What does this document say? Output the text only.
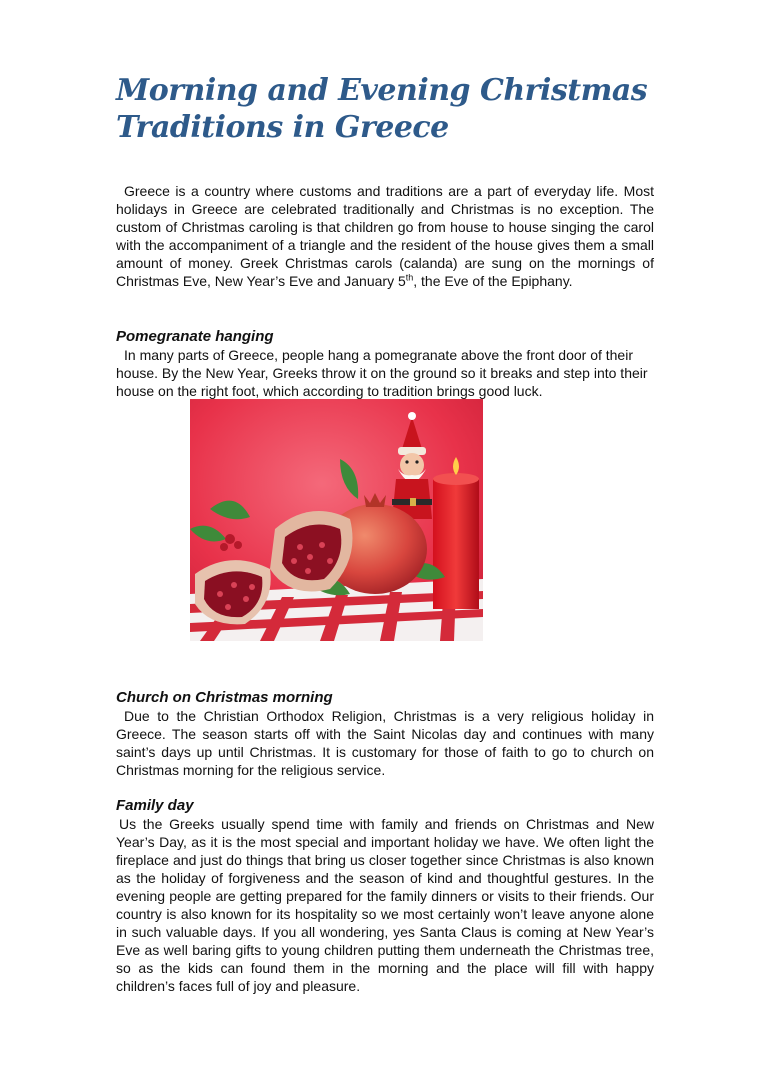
Morning and Evening Christmas
Traditions in Greece

Greece is a country where customs and traditions are a part of everyday life. Most holidays in Greece are celebrated traditionally and Christmas is no exception. The custom of Christmas caroling is that children go from house to house singing the carol with the accompaniment of a triangle and the resident of the house gives them a small amount of money. Greek Christmas carols (calanda) are sung on the mornings of Christmas Eve, New Year’s Eve and January 5th, the Eve of the Epiphany.

Pomegranate hanging

In many parts of Greece, people hang a pomegranate above the front door of their house. By the New Year, Greeks throw it on the ground so it breaks and step into their house on the right foot, which according to tradition brings good luck.

Church on Christmas morning

Due to the Christian Orthodox Religion, Christmas is a very religious holiday in Greece. The season starts off with the Saint Nicolas day and continues with many saint’s days up until Christmas. It is customary for those of faith to go to church on Christmas morning for the religious service.

Family day

Us the Greeks usually spend time with family and friends on Christmas and New Year’s Day, as it is the most special and important holiday we have. We often light the fireplace and just do things that bring us closer together since Christmas is also known as the holiday of forgiveness and the season of kind and thoughtful gestures. In the evening people are getting prepared for the family dinners or visits to their friends. Our country is also known for its hospitality so we most certainly won’t leave anyone alone in such valuable days. If you all wondering, yes Santa Claus is coming at New Year’s Eve as well baring gifts to young children putting them underneath the Christmas tree, so as the kids can found them in the morning and the place will fill with happy children’s faces full of joy and pleasure.
